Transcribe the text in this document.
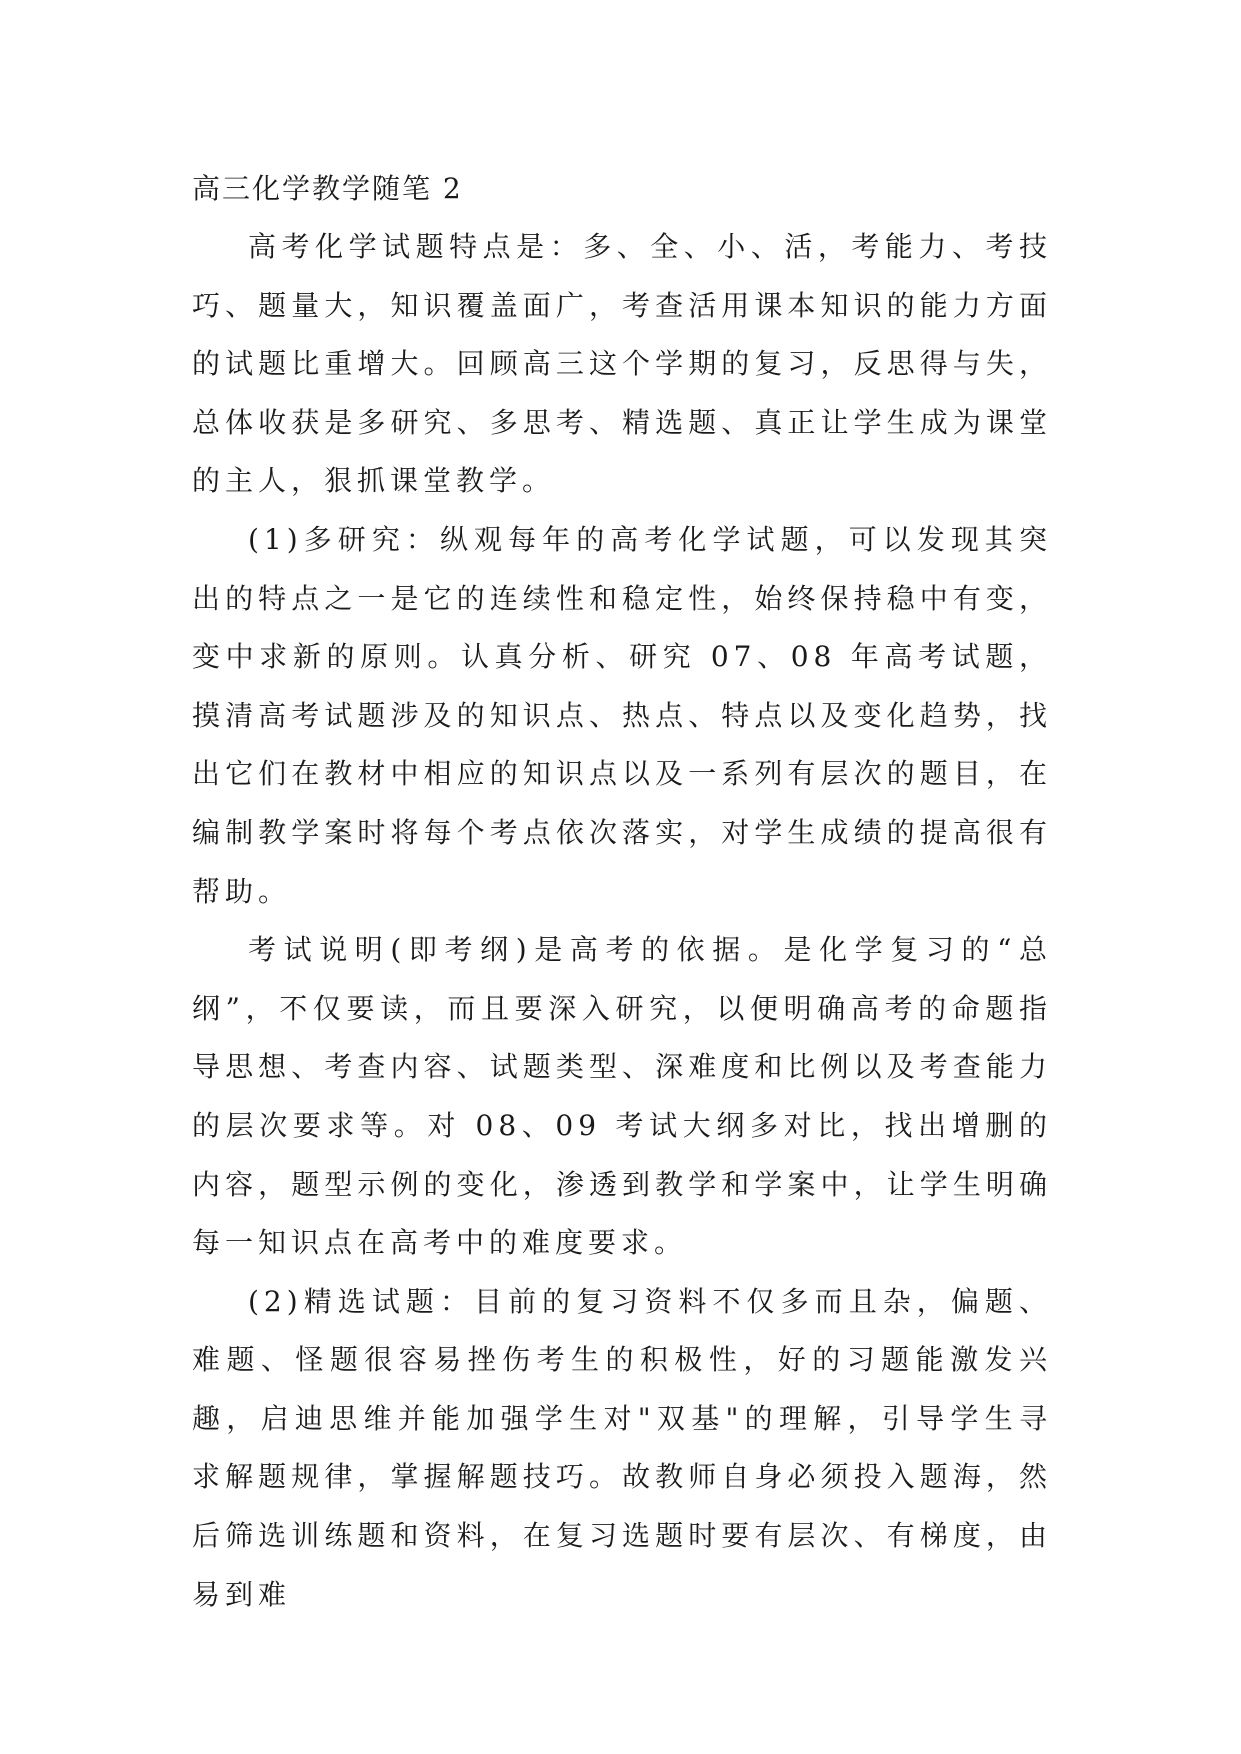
高三化学教学随笔 2

高考化学试题特点是：多、全、小、活，考能力、考技巧、题量大，知识覆盖面广，考查活用课本知识的能力方面的试题比重增大。回顾高三这个学期的复习，反思得与失，总体收获是多研究、多思考、精选题、真正让学生成为课堂的主人，狠抓课堂教学。

(1)多研究：纵观每年的高考化学试题，可以发现其突出的特点之一是它的连续性和稳定性，始终保持稳中有变，变中求新的原则。认真分析、研究 07、08 年高考试题，摸清高考试题涉及的知识点、热点、特点以及变化趋势，找出它们在教材中相应的知识点以及一系列有层次的题目，在编制教学案时将每个考点依次落实，对学生成绩的提高很有帮助。

考试说明(即考纲)是高考的依据。是化学复习的“总纲”，不仅要读，而且要深入研究，以便明确高考的命题指导思想、考查内容、试题类型、深难度和比例以及考查能力的层次要求等。对 08、09 考试大纲多对比，找出增删的内容，题型示例的变化，渗透到教学和学案中，让学生明确每一知识点在高考中的难度要求。

(2)精选试题：目前的复习资料不仅多而且杂，偏题、难题、怪题很容易挫伤考生的积极性，好的习题能激发兴趣，启迪思维并能加强学生对"双基"的理解，引导学生寻求解题规律，掌握解题技巧。故教师自身必须投入题海，然后筛选训练题和资料，在复习选题时要有层次、有梯度，由易到难
